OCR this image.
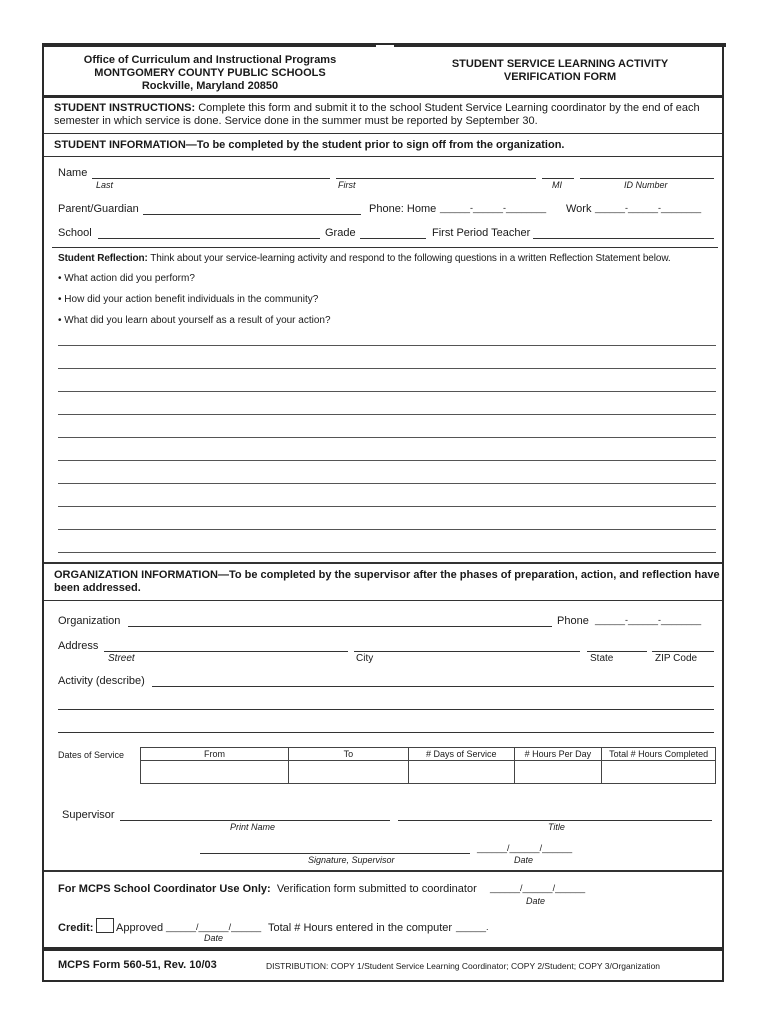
Office of Curriculum and Instructional Programs
MONTGOMERY COUNTY PUBLIC SCHOOLS
Rockville, Maryland 20850
STUDENT SERVICE LEARNING ACTIVITY
VERIFICATION FORM
STUDENT INSTRUCTIONS: Complete this form and submit it to the school Student Service Learning coordinator by the end of each
semester in which service is done. Service done in the summer must be reported by September 30.
STUDENT INFORMATION—To be completed by the student prior to sign off from the organization.
Name
Last	First	MI	ID Number
Parent/Guardian	Phone: Home ______-______-________ Work ______-______-________
School	Grade	First Period Teacher
Student Reflection: Think about your service-learning activity and respond to the following questions in a written Reflection Statement below.
• What action did you perform?
• How did your action benefit individuals in the community?
• What did you learn about yourself as a result of your action?
ORGANIZATION INFORMATION—To be completed by the supervisor after the phases of preparation, action, and reflection have
been addressed.
Organization	Phone ______-______-________
Address
Street	City	State	ZIP Code
Activity (describe)
Dates of Service	From	To	# Days of Service	# Hours Per Day	Total # Hours Completed

Supervisor
Print Name	Title
______/______/______
Signature, Supervisor	Date
For MCPS School Coordinator Use Only: Verification form submitted to coordinator ______/______/______
Date
Credit: Approved ______/______/______ Total # Hours entered in the computer ______.
Date
MCPS Form 560-51, Rev. 10/03	DISTRIBUTION: COPY 1/Student Service Learning Coordinator; COPY 2/Student; COPY 3/Organization
